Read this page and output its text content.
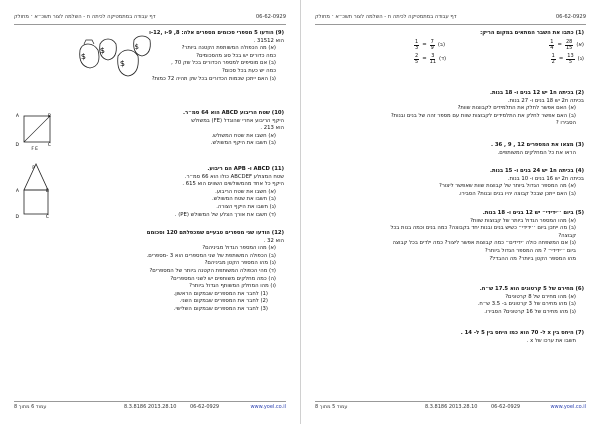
06-62-0929
דף עבודה במתמטיקה לכיתה ח - השלמה לצור תשכ״א ׳ מחולק
(9) הודעו 5 מספרי סכומים מספרים אלה: 8, 9-ו ,12-ו
הוא 31512 .
(א) מה הכפולה המשותפת הקטנה ביותר?
כמה כדורים יש בכל סוג מהסכומים?
(ב) אם מוסיפים למספר הכדורים בכל שק 70 ,
כמה יש כעת בכל סכום?
(ג) האם ייתכן שכמות הכדורים בכל שק תהיה 72 כמות?
$
$
$
$
(10) שטח הריבוע ABCD הוא 64 סמ״ר.
היקף הריבוע אחרי שהוגדל (FE) במשולש
הוא 213 .
(א) חשבו את שטח המשולש.
(ב) חשבו את היקף המשולש.
A	B
C
D
F E
(11) ABCD ו- APB הם ריבוע.
שטח המצולע ABCDEF כולו הוא 66 סמ״ר.
היקף כל אחד מהמשולשים השווים הוא 615 .
(א) חשבו את שטח הריבוע.
(ב) חשבו את שטח המשולש.
(ג) חשבו את היקף הצורה.
(ד) חשבו את אורך הצלע של המשולש (PE) .
P
A	B
C
D
(12) הודעו שני מספרים טבעיים שמכפלתם 120 וסכומם
הוא 32 .
(א) מהו המספר הגדול מביניהם?
(ב) הכפולה המשותפת של שני המספרים הוא 3 -מספרים.
(ג) מהו המספר הקטן מביניהם?
(ד) מהי הכפולה המשותפת הקטנה ביותר של המספרים?
(ה) כמה מחלקים משותפים יש לשני המספרים?
(ו) מהו המחלק המשותף הגדול ביותר?
(1) לחבר את המספרים שבמקום הראשון.
(2) לחבר את המספרים שבמקום השני.
(3) לחבר את המספרים שבמקום השלישי.
עמוד 6 מתוך 8	8.3.8186 2013.28.10	06-62-0929	www.yoel.co.il
06-62-0929
דף עבודה במתמטיקה לכיתה ח - השלמה לצור תשכ״א ׳ מחולק
(1) כתבו את השבר המתאים במקום הריק:
(א)
$\frac{28}{15}$
=
$\frac{1}{4}$
(ב)
$\frac{7}{9}$
=
$\frac{1}{3}$
(ג)
$\frac{13}{5}$
=
$\frac{1}{2}$
(ד)
$\frac{3}{11}$
=
$\frac{2}{5}$
(2) בכיתה ח1 יש 12 בנים ו- 18 בנות.
בכיתה ח2 יש 18 בנים ו- 27 בנות.
(א) האם אפשר לחלק את התלמידים לקבוצות שוות?
(ב) האם אפשר לחלק את התלמידים לקבוצות שוות עם מספר זהה של בנים ובנות?
הסבירו ?
(3) מצאו את המספרים 12 , 9 , 36 .
הראו את כל המחלקים המשותפים.
(4) בכיתה ח1 יש 24 בנים ו- 15 בנות.
בכיתה ח2 יש 16 בנים ו- 10 בנות.
(א) מה המספר הגדול ביותר של קבוצות שוות שאפשר ליצור?
(ב) האם ייתכן שבכל קבוצה יהיו בנים ובנות? הסבירו.
(5) ביום ׳׳ידידי״ יש 12 בנים ו- 18 בנות.
(א) מהו המספר הגדול ביותר של קבוצות שוות?
(ב) מה ייתכן ביום ׳׳ידידי״ כשיש בנים ובנות יחד בקבוצה? כמה בנים וכמה בנות בכל
קבוצה?
(ג) אם המשפחה כולה ׳ידידים״ כמה קבוצות אפשר ליצור? כמה ילדים בכל קבוצה
ביום ׳׳ידידי״ ? מה המספר הגדול ביותר?
מהו המספר הקטן ביותר? מה ההבדל?
(6) מחירם של 5 קרטונים הוא 17.5 ש״ח.
(א) מהו מחירם של 8 קרטונים?
(ב) מהו מחירם של 3 קרטונים ב- 3.5 ש״ח.
(ג) מהו מחירם של 16 קרטונים? הסבירו.
(7) היחס בין x ל- 70 הוא כמו היחס בין 5 ל- 14 .
חשבו את ערכו של x .
עמוד 5 מתוך 8	8.3.8186 2013.28.10	06-62-0929	www.yoel.co.il
